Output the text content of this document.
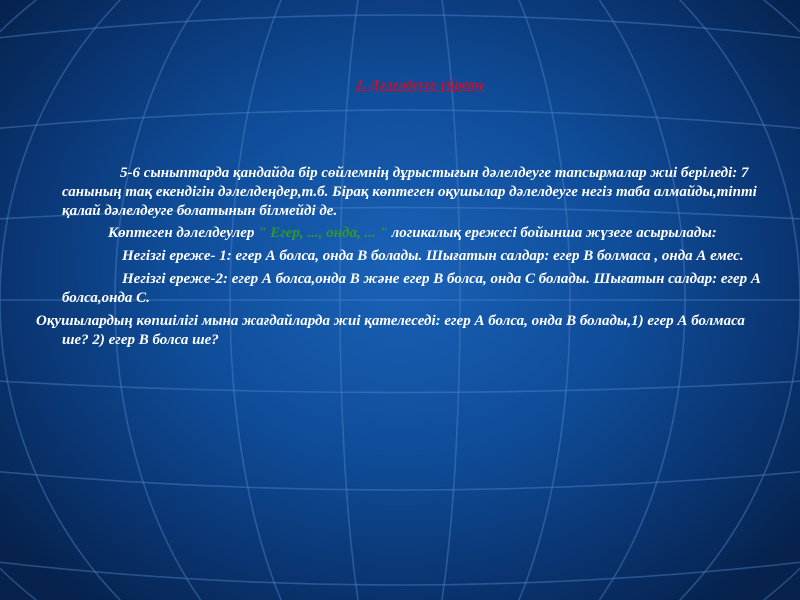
2. Дәлелдеуге үйрету

5-6 сыныптарда қандайда бір сөйлемнің дұрыстығын дәлелдеуге тапсырмалар жиі беріледі: 7 санының тақ екендігін дәлелдеңдер,т.б. Бірақ көптеген оқушылар дәлелдеуге негіз таба алмайды,тіпті қалай дәлелдеуге болатынын білмейді де.

Көптеген дәлелдеулер " Егер, ..., онда, ... " логикалық ережесі бойынша жүзеге асырылады:

Негізгі ереже- 1: егер А болса, онда В болады. Шығатын салдар: егер В болмаса , онда А емес.

Негізгі ереже-2: егер А болса,онда В және егер В болса, онда С болады. Шығатын салдар: егер А болса,онда С.

Оқушылардың көпшілігі мына жағдайларда жиі қателеседі: егер А болса, онда В болады,1) егер А болмаса ше? 2) егер В болса ше?
